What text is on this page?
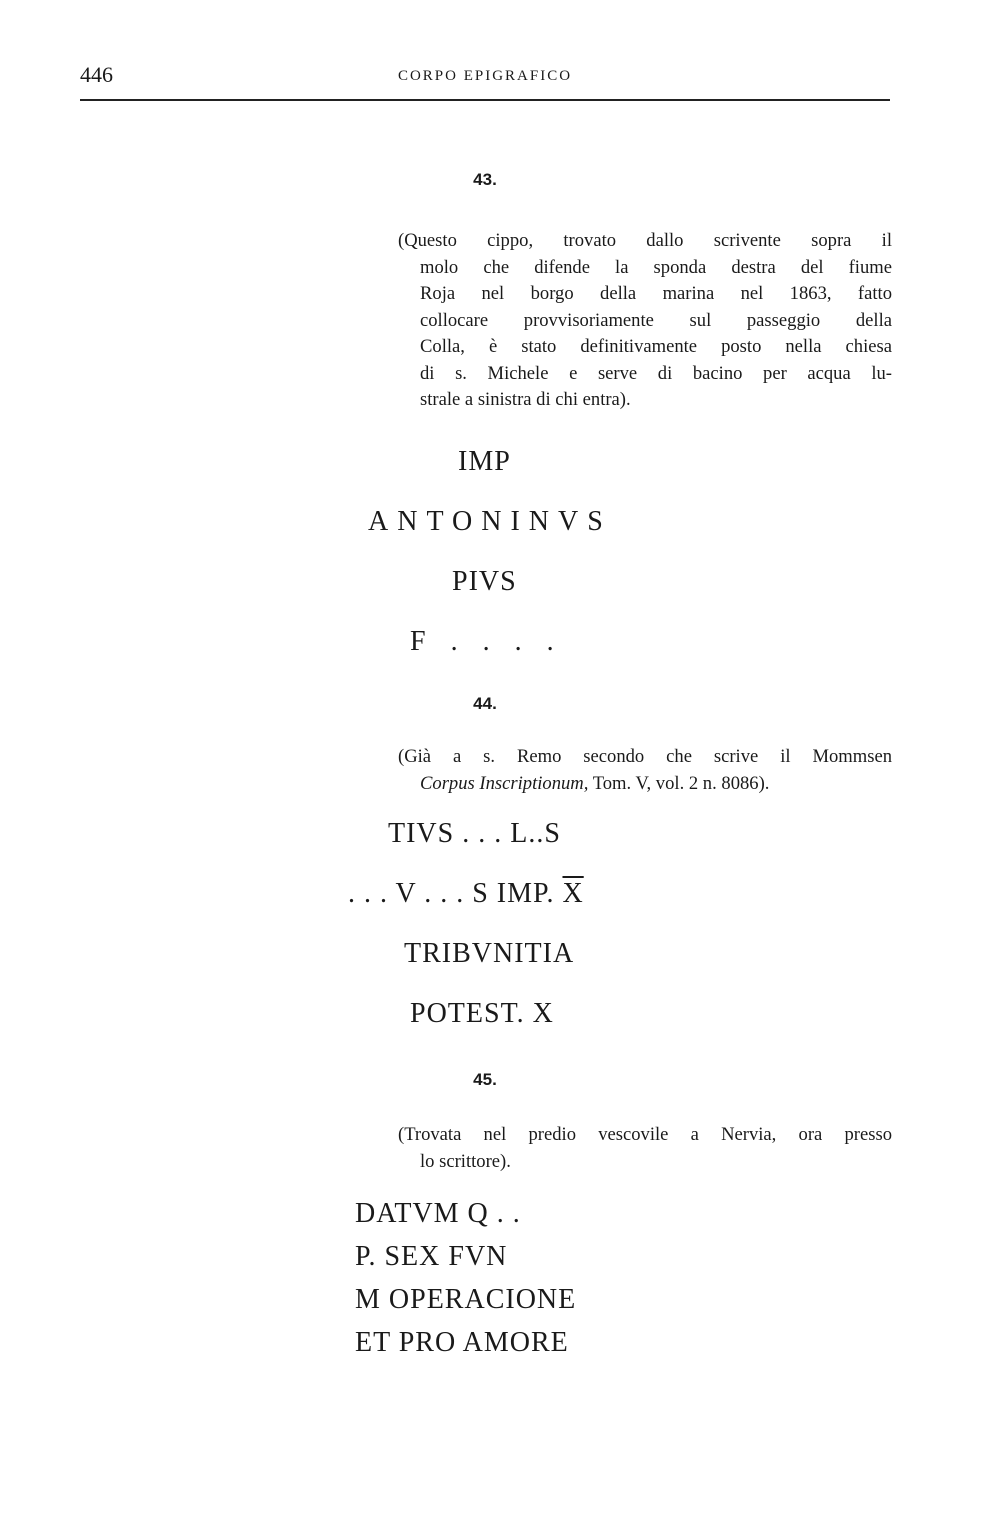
446	CORPO EPIGRAFICO
43.
(Questo cippo, trovato dallo scrivente sopra il
molo che difende la sponda destra del fiume
Roja nel borgo della marina nel 1863, fatto
collocare provvisoriamente sul passeggio della
Colla, è stato definitivamente posto nella chiesa
di s. Michele e serve di bacino per acqua lu-
strale a sinistra di chi entra).
IMP
ANTONINVS
PIVS
F . . . .
44.
(Già a s. Remo secondo che scrive il Mommsen
Corpus Inscriptionum, Tom. V, vol. 2 n. 8086).
TIVS . . . L..S
. . . V . . . S IMP. $\overline{X}$
TRIBVNITIA
POTEST. X
45.
(Trovata nel predio vescovile a Nervia, ora presso
lo scrittore).
DATVM Q . .
P. SEX FVN
M OPERACIONE
ET PRO AMORE
